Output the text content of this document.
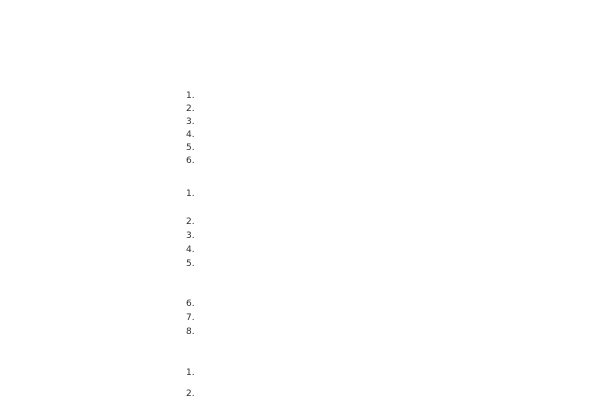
1.
2.
3.
4.
5.
6.
1.
2.
3.
4.
5.
6.
7.
8.
1.
2.
